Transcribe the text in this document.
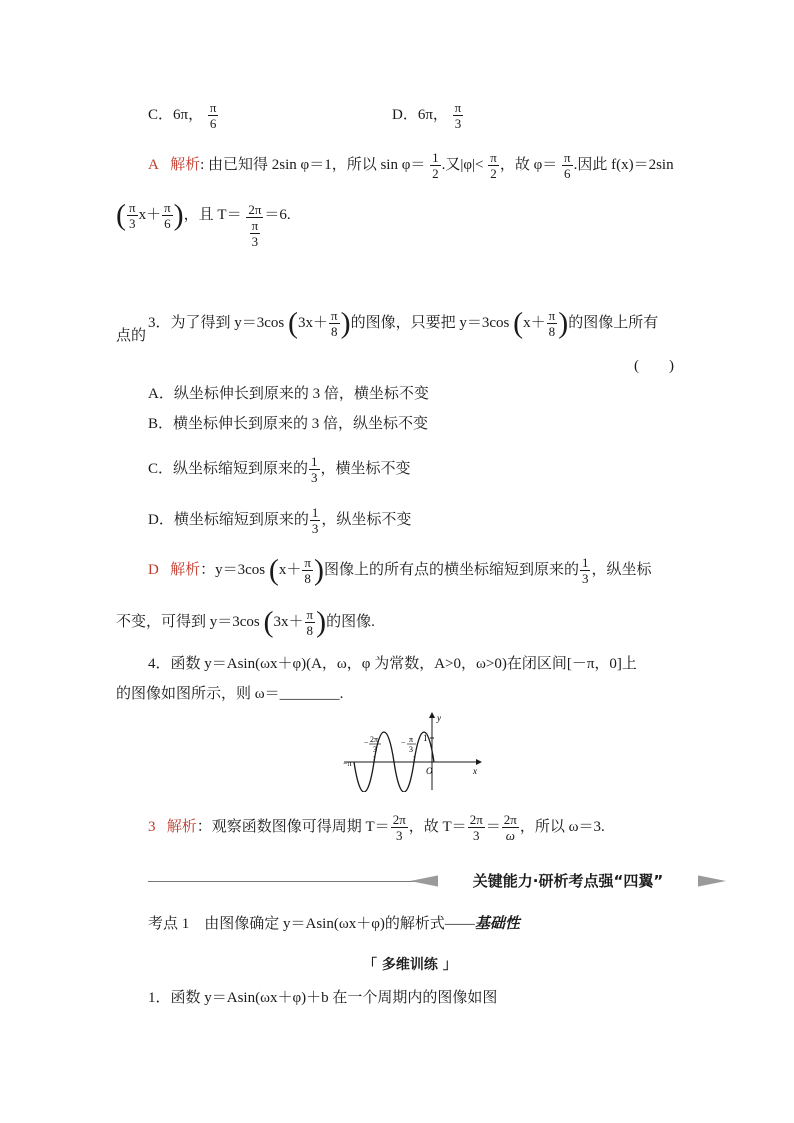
C．6π， $\frac{\pi}{6}$	D．6π， $\frac{\pi}{3}$
A 解析: 由已知得 2sin φ＝1，所以 $\sin \varphi= \frac{1}{2}$ .又$|\varphi|< \frac{\pi}{2}$ ，故 $\varphi= \frac{\pi}{6}$ .因此 f(x)＝2sin
( $\frac{\pi}{3} x+ \frac{\pi}{6}$ )，且 $T= \frac{2\pi}{\frac{\pi}{3}} =6$.
3．为了得到 y＝3cos ($3x+ \frac{\pi}{8}$ )的图像，只要把 y＝3cos ($x+ \frac{\pi}{8}$ )的图像上所有
点的
(　　)
A．纵坐标伸长到原来的 3 倍，横坐标不变
B．横坐标伸长到原来的 3 倍，纵坐标不变
C．纵坐标缩短到原来的 $\frac{1}{3}$ ，横坐标不变
D．横坐标缩短到原来的 $\frac{1}{3}$ ，纵坐标不变
D 解析：y＝3cos ($x+ \frac{\pi}{8}$ )图像上的所有点的横坐标缩短到原来的 $\frac{1}{3}$ ，纵坐标
不变，可得到 y＝3cos ($3x+ \frac{\pi}{8}$ )的图像.
4．函数 y＝Asin(ωx＋φ)(A，ω，φ 为常数，A>0，ω>0)在闭区间[－π，0]上
的图像如图所示，则 ω＝________.
1
y
x
O
−π
− 2π
3
− π
3
3 解析：观察函数图像可得周期 $T= \frac{2\pi}{3}$ ，故 $T= \frac{2\pi}{3} = \frac{2\pi}{\omega}$ ，所以 ω＝3.
关键能力·研析考点强“四翼”
考点 1 由图像确定 y＝Asin(ωx＋φ)的解析式——基础性
「 多维训练 」
1．函数 y＝Asin(ωx＋φ)＋b 在一个周期内的图像如图
